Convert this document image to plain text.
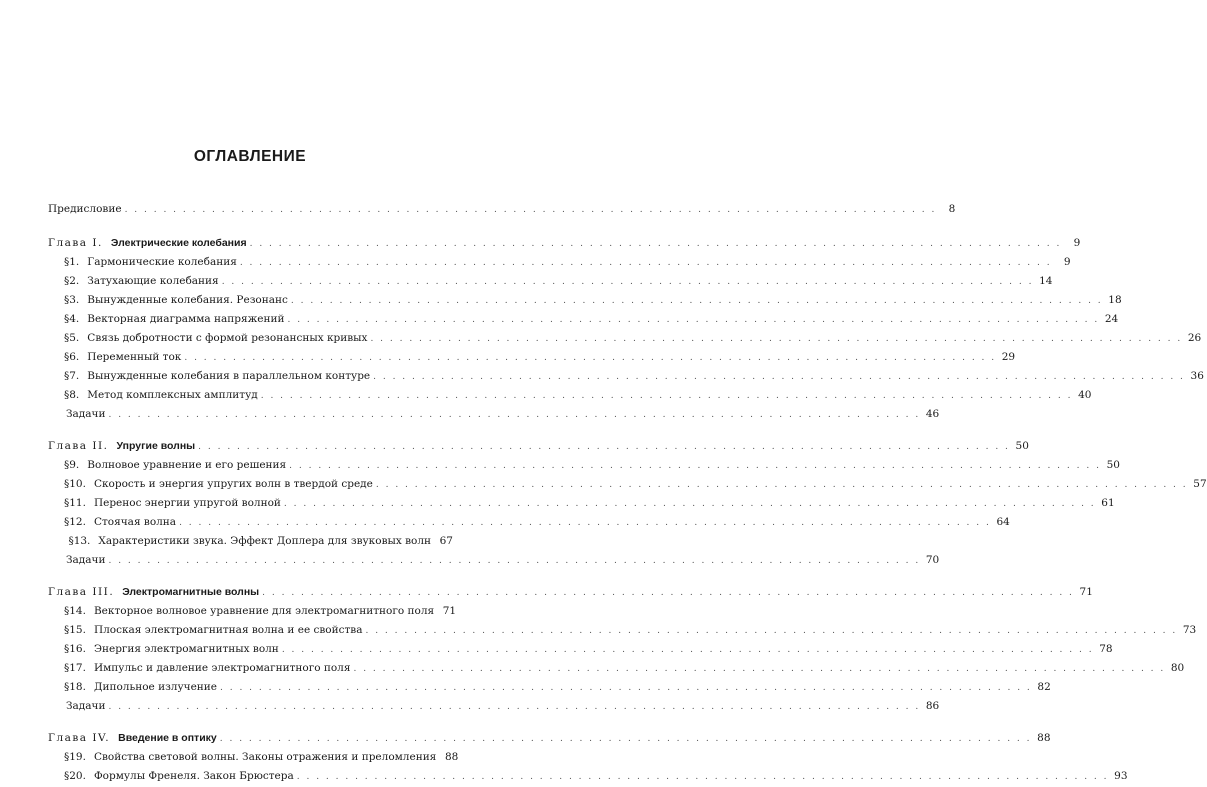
ОГЛАВЛЕНИЕ
Предисловие . . .	8
Глава I. Электрические колебания . . .	9
§1. Гармонические колебания . . .	9
§2. Затухающие колебания . . .	14
§3. Вынужденные колебания. Резонанс . . .	18
§4. Векторная диаграмма напряжений . . .	24
§5. Связь добротности с формой резонансных кривых . . .	26
§6. Переменный ток . . .	29
§7. Вынужденные колебания в параллельном контуре . . .	36
§8. Метод комплексных амплитуд . . .	40
Задачи . . .	46
Глава II. Упругие волны . . .	50
§9. Волновое уравнение и его решения . . .	50
§10. Скорость и энергия упругих волн в твердой среде . . .	57
§11. Перенос энергии упругой волной . . .	61
§12. Стоячая волна . . .	64
§13. Характеристики звука. Эффект Доплера для звуковых волн 67
Задачи . . .	70
Глава III. Электромагнитные волны . . .	71
§14. Векторное волновое уравнение для электромагнитного поля 71
§15. Плоская электромагнитная волна и ее свойства . . .	73
§16. Энергия электромагнитных волн . . .	78
§17. Импульс и давление электромагнитного поля . . .	80
§18. Дипольное излучение . . .	82
Задачи . . .	86
Глава IV. Введение в оптику . . .	88
§19. Свойства световой волны. Законы отражения и преломления 88
§20. Формулы Френеля. Закон Брюстера . . .	93
